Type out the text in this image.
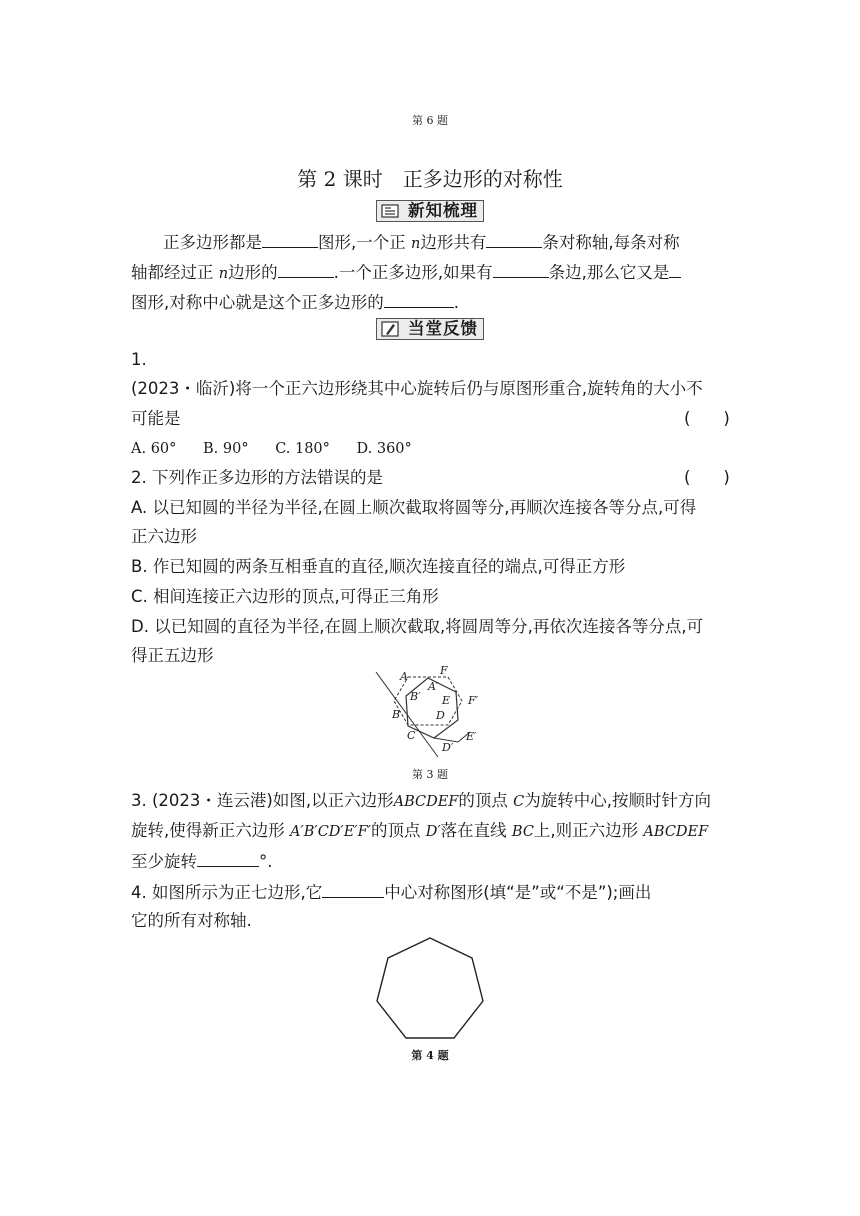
第 6 题
第 2 课时　正多边形的对称性
新知梳理
正多边形都是	图形,一个正 n边形共有	条对称轴,每条对称
轴都经过正 n边形的	.一个正多边形,如果有	条边,那么它又是
图形,对称中心就是这个正多边形的	.
当堂反馈
1.
(2023・临沂)将一个正六边形绕其中心旋转后仍与原图形重合,旋转角的大小不
可能是	(　　)
A. 60° B. 90° C. 180° D. 360°
2. 下列作正多边形的方法错误的是	(　　)
A. 以已知圆的半径为半径,在圆上顺次截取将圆等分,再顺次连接各等分点,可得
正六边形
B. 作已知圆的两条互相垂直的直径,顺次连接直径的端点,可得正方形
C. 相间连接正六边形的顶点,可得正三角形
D. 以已知圆的直径为半径,在圆上顺次截取,将圆周等分,再依次连接各等分点,可
得正五边形
A	F
A′
B′ E F′
D
B
C	E′
D′
第 3 题
3. (2023・连云港)如图,以正六边形ABCDEF的顶点 C为旋转中心,按顺时针方向
旋转,使得新正六边形 A′B′CD′E′F′的顶点 D′落在直线 BC上,则正六边形 ABCDEF
至少旋转	°.
4. 如图所示为正七边形,它	中心对称图形(填“是”或“不是”);画出
它的所有对称轴.
第 4 题
